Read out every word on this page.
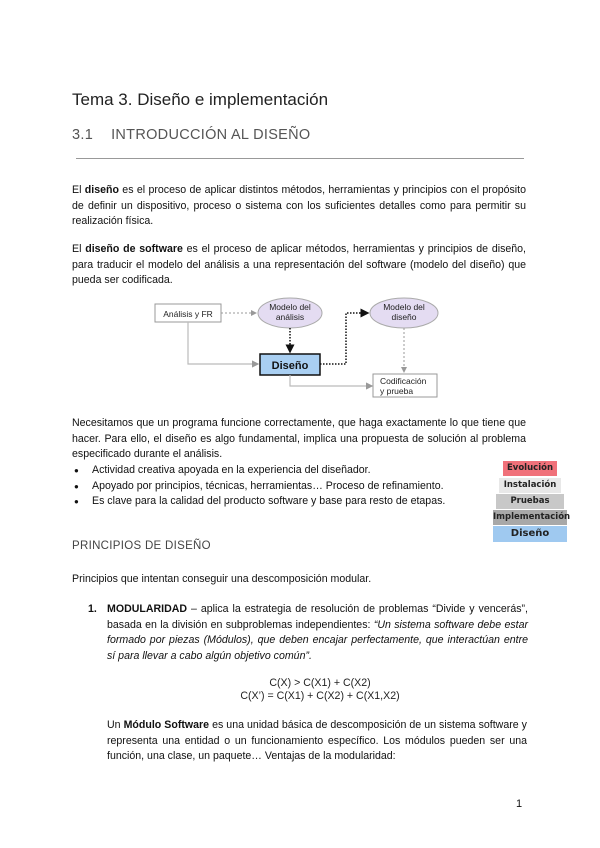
Tema 3. Diseño e implementación
3.1 INTRODUCCIÓN AL DISEÑO
El diseño es el proceso de aplicar distintos métodos, herramientas y principios con el propósito de definir un dispositivo, proceso o sistema con los suficientes detalles como para permitir su realización física.
El diseño de software es el proceso de aplicar métodos, herramientas y principios de diseño, para traducir el modelo del análisis a una representación del software (modelo del diseño) que pueda ser codificada.
Análisis y FR
Modelo del
análisis
Diseño
Modelo del
diseño
Codificación
y prueba
Necesitamos que un programa funcione correctamente, que haga exactamente lo que tiene que hacer. Para ello, el diseño es algo fundamental, implica una propuesta de solución al problema especificado durante el análisis.
● Actividad creativa apoyada en la experiencia del diseñador.
● Apoyado por principios, técnicas, herramientas… Proceso de refinamiento.
● Es clave para la calidad del producto software y base para resto de etapas.
Evolución
Instalación
Pruebas
Implementación
Diseño
PRINCIPIOS DE DISEÑO
Principios que intentan conseguir una descomposición modular.
1. MODULARIDAD – aplica la estrategia de resolución de problemas “Divide y vencerás”, basada en la división en subproblemas independientes: “Un sistema software debe estar formado por piezas (Módulos), que deben encajar perfectamente, que interactúan entre sí para llevar a cabo algún objetivo común”.
C(X) > C(X1) + C(X2)
C(X’) = C(X1) + C(X2) + C(X1,X2)
Un Módulo Software es una unidad básica de descomposición de un sistema software y representa una entidad o un funcionamiento específico. Los módulos pueden ser una función, una clase, un paquete… Ventajas de la modularidad:
1
